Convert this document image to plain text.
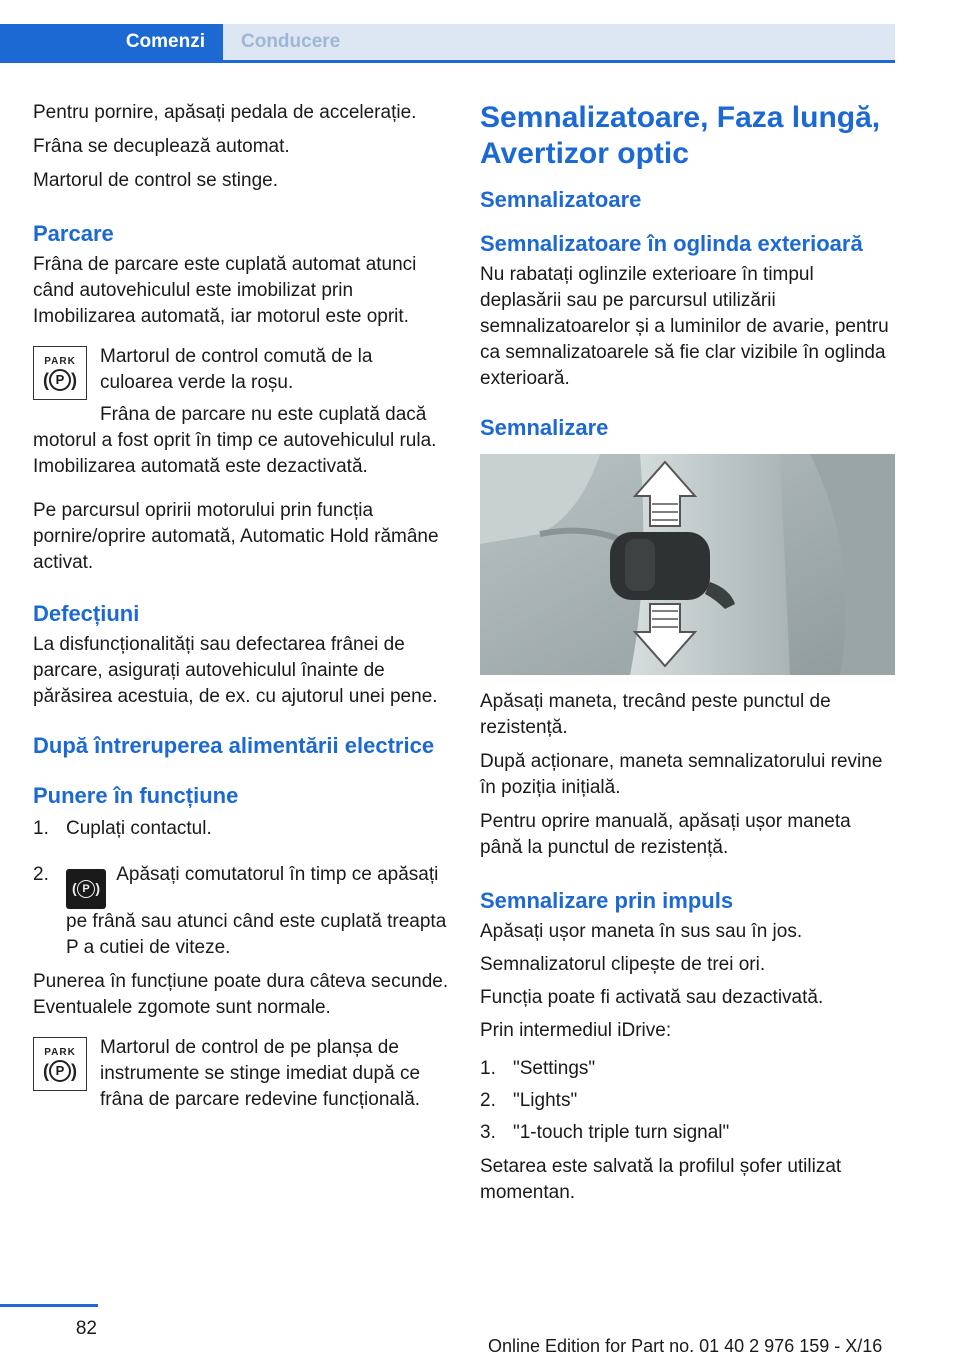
Comenzi	Conducere

Pentru pornire, apăsați pedala de accelerație.

Frâna se decuplează automat.

Martorul de control se stinge.

Parcare

Frâna de parcare este cuplată automat atunci când autovehiculul este imobilizat prin Imobilizarea automată, iar motorul este oprit.

PARK
( P )

Martorul de control comută de la culoarea verde la roșu.

Frâna de parcare nu este cuplată dacă motorul a fost oprit în timp ce autovehiculul rula. Imobilizarea automată este dezactivată.

Pe parcursul opririi motorului prin funcția pornire/oprire automată, Automatic Hold rămâne activat.

Defecțiuni

La disfuncționalități sau defectarea frânei de parcare, asigurați autovehiculul înainte de părăsirea acestuia, de ex. cu ajutorul unei pene.

După întreruperea alimentării electrice
Punere în funcțiune
1. Cuplați contactul.
2.
( P )
Apăsați comutatorul în timp ce apăsați pe frână sau atunci când este cuplată treapta P a cutiei de viteze.

Punerea în funcțiune poate dura câteva secunde. Eventualele zgomote sunt normale.

PARK
( P )

Martorul de control de pe planșa de instrumente se stinge imediat după ce frâna de parcare redevine funcțională.

Semnalizatoare, Faza lungă, Avertizor optic
Semnalizatoare
Semnalizatoare în oglinda exterioară

Nu rabatați oglinzile exterioare în timpul deplasării sau pe parcursul utilizării semnalizatoarelor și a luminilor de avarie, pentru ca semnalizatoarele să fie clar vizibile în oglinda exterioară.

Semnalizare

Apăsați maneta, trecând peste punctul de rezistență.

După acționare, maneta semnalizatorului revine în poziția inițială.

Pentru oprire manuală, apăsați ușor maneta până la punctul de rezistență.

Semnalizare prin impuls

Apăsați ușor maneta în sus sau în jos.

Semnalizatorul clipește de trei ori.

Funcția poate fi activată sau dezactivată.

Prin intermediul iDrive:

1. "Settings"
2. "Lights"
3. "1-touch triple turn signal"

Setarea este salvată la profilul șofer utilizat momentan.

82
Online Edition for Part no. 01 40 2 976 159 - X/16
